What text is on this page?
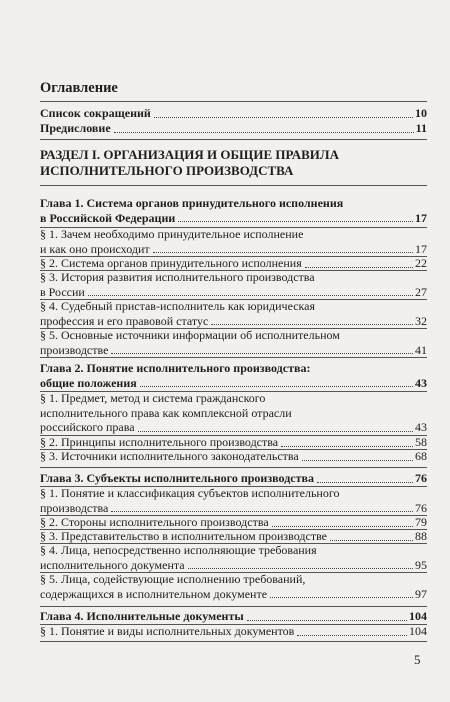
Оглавление
Список сокращений	10
Предисловие	11
РАЗДЕЛ I. ОРГАНИЗАЦИЯ И ОБЩИЕ ПРАВИЛА
ИСПОЛНИТЕЛЬНОГО ПРОИЗВОДСТВА
Глава 1. Система органов принудительного исполнения
в Российской Федерации	17
§ 1. Зачем необходимо принудительное исполнение
и как оно происходит	17
§ 2. Система органов принудительного исполнения	22
§ 3. История развития исполнительного производства
в России	27
§ 4. Судебный пристав-исполнитель как юридическая
профессия и его правовой статус	32
§ 5. Основные источники информации об исполнительном
производстве	41
Глава 2. Понятие исполнительного производства:
общие положения	43
§ 1. Предмет, метод и система гражданского
исполнительного права как комплексной отрасли
российского права	43
§ 2. Принципы исполнительного производства	58
§ 3. Источники исполнительного законодательства	68
Глава 3. Субъекты исполнительного производства	76
§ 1. Понятие и классификация субъектов исполнительного
производства	76
§ 2. Стороны исполнительного производства	79
§ 3. Представительство в исполнительном производстве	88
§ 4. Лица, непосредственно исполняющие требования
исполнительного документа	95
§ 5. Лица, содействующие исполнению требований,
содержащихся в исполнительном документе	97
Глава 4. Исполнительные документы	104
§ 1. Понятие и виды исполнительных документов	104
5
